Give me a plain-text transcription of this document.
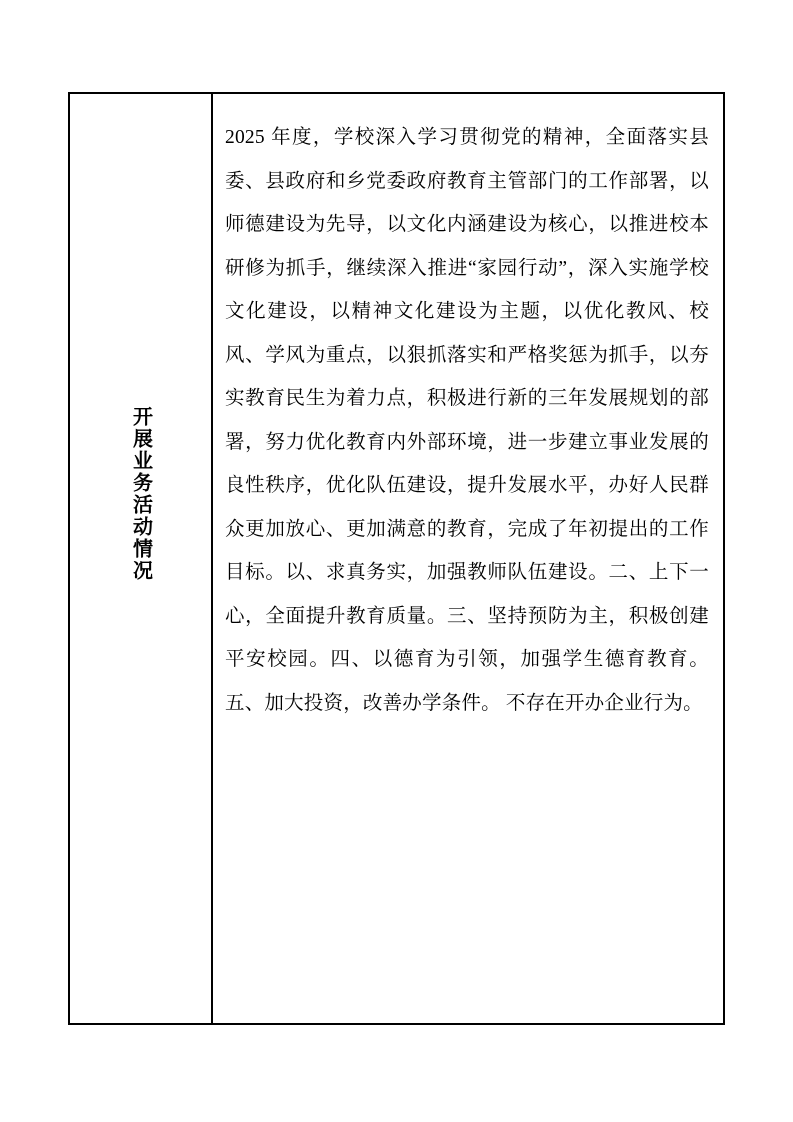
开展业务活动情况
2025 年度，学校深入学习贯彻党的精神，全面落实县委、县政府和乡党委政府教育主管部门的工作部署，以师德建设为先导，以文化内涵建设为核心，以推进校本研修为抓手，继续深入推进“家园行动”，深入实施学校文化建设，以精神文化建设为主题，以优化教风、校风、学风为重点，以狠抓落实和严格奖惩为抓手，以夯实教育民生为着力点，积极进行新的三年发展规划的部署，努力优化教育内外部环境，进一步建立事业发展的良性秩序，优化队伍建设，提升发展水平，办好人民群众更加放心、更加满意的教育，完成了年初提出的工作目标。以、求真务实，加强教师队伍建设。二、上下一心，全面提升教育质量。三、坚持预防为主，积极创建平安校园。四、以德育为引领，加强学生德育教育。五、加大投资，改善办学条件。 不存在开办企业行为。
